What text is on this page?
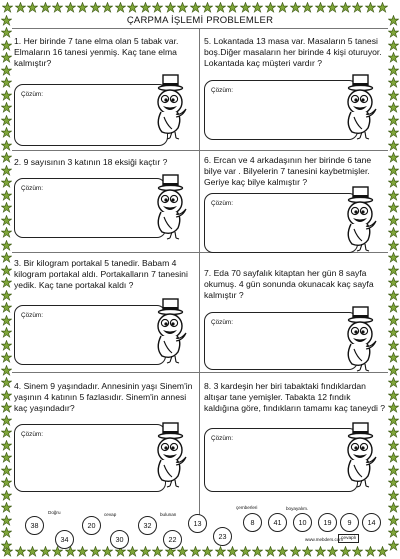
ÇARPMA İŞLEMİ PROBLEMLER
1. Her birinde 7 tane elma olan 5 tabak var. Elmaların 16 tanesi yenmiş. Kaç tane elma kalmıştır?
2. 9 sayısının 3 katının 18 eksiği kaçtır ?
3. Bir kilogram portakal 5 tanedir. Babam 4 kilogram portakal aldı. Portakalların 7 tanesini yedik. Kaç tane portakal kaldı ?
4. Sinem 9 yaşındadır. Annesinin yaşı Sinem'in yaşının 4 katının 5 fazlasıdır. Sinem'in annesi kaç yaşındadır?
5. Lokantada 13 masa var. Masaların 5 tanesi boş.Diğer masaların her birinde 4 kişi oturuyor. Lokantada kaç müşteri vardır ?
6. Ercan ve 4 arkadaşının her birinde 6 tane bilye var . Bilyelerin 7 tanesini kaybetmişler. Geriye kaç bilye kalmıştır ?
7. Eda 70 sayfalık kitaptan her gün 8 sayfa okumuş. 4 gün sonunda okunacak kaç sayfa kalmıştır ?
8. 3 kardeşin her biri tabaktaki fındıklardan altışar tane yemişler. Tabakta 12 fındık kaldığına göre, fındıkların tamamı kaç taneydi ?
Çözüm:
Çözüm:
Çözüm:
Çözüm:
Çözüm:
Çözüm:
Çözüm:
Çözüm:
38
34
20
30
32
22
13
23
8	41	10	19	9	14
Doğru	cevap	bulunan
çemberleri	boyayalım.
www.mebders.com
cevaplı
